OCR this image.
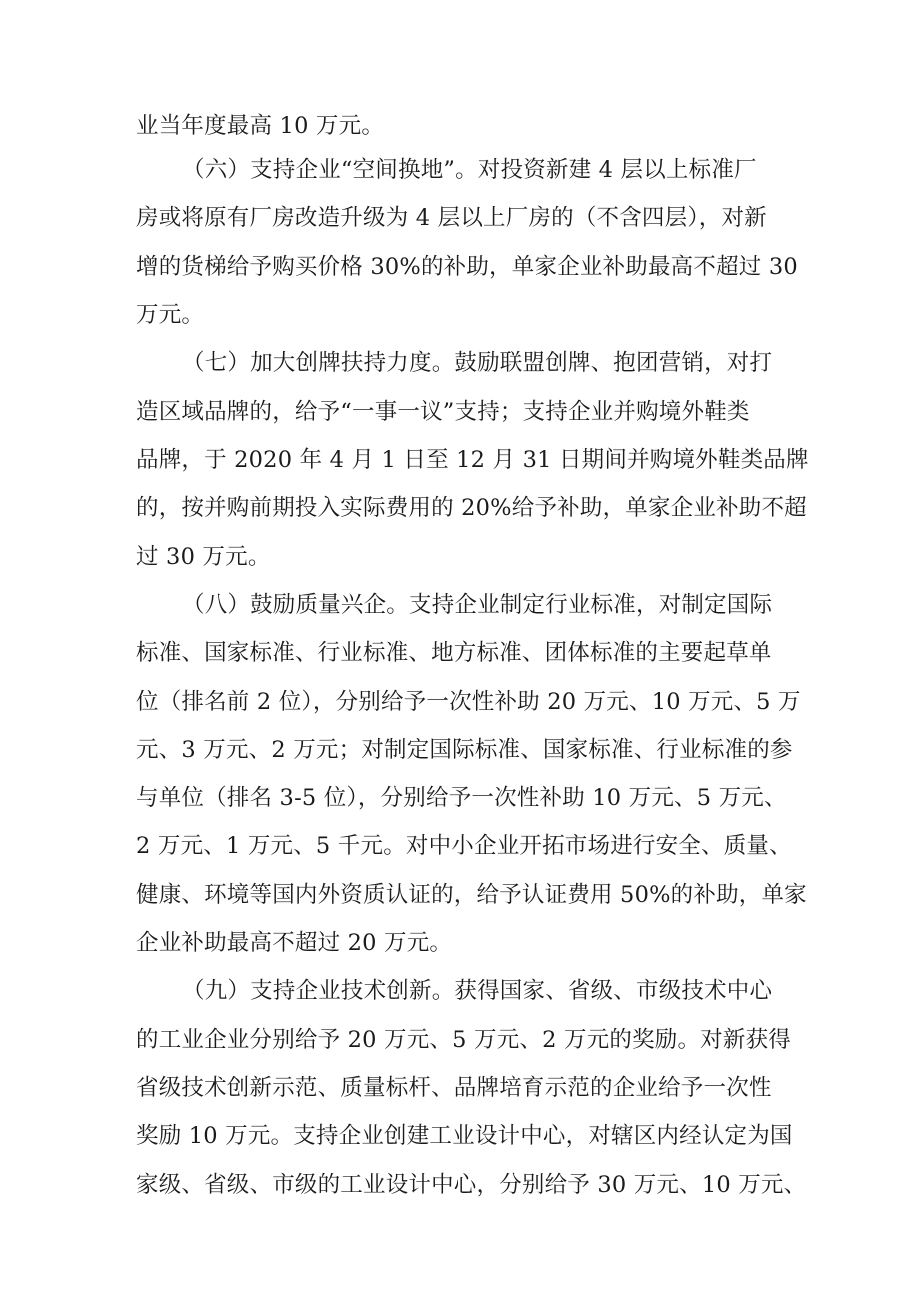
业当年度最高 10 万元。
（六）支持企业“空间换地”。对投资新建 4 层以上标准厂
房或将原有厂房改造升级为 4 层以上厂房的（不含四层），对新
增的货梯给予购买价格 30%的补助，单家企业补助最高不超过 30
万元。
（七）加大创牌扶持力度。鼓励联盟创牌、抱团营销，对打
造区域品牌的，给予“一事一议”支持；支持企业并购境外鞋类
品牌，于 2020 年 4 月 1 日至 12 月 31 日期间并购境外鞋类品牌
的，按并购前期投入实际费用的 20%给予补助，单家企业补助不超
过 30 万元。
（八）鼓励质量兴企。支持企业制定行业标准，对制定国际
标准、国家标准、行业标准、地方标准、团体标准的主要起草单
位（排名前 2 位），分别给予一次性补助 20 万元、10 万元、5 万
元、3 万元、2 万元；对制定国际标准、国家标准、行业标准的参
与单位（排名 3-5 位），分别给予一次性补助 10 万元、5 万元、
2 万元、1 万元、5 千元。对中小企业开拓市场进行安全、质量、
健康、环境等国内外资质认证的，给予认证费用 50%的补助，单家
企业补助最高不超过 20 万元。
（九）支持企业技术创新。获得国家、省级、市级技术中心
的工业企业分别给予 20 万元、5 万元、2 万元的奖励。对新获得
省级技术创新示范、质量标杆、品牌培育示范的企业给予一次性
奖励 10 万元。支持企业创建工业设计中心，对辖区内经认定为国
家级、省级、市级的工业设计中心，分别给予 30 万元、10 万元、
